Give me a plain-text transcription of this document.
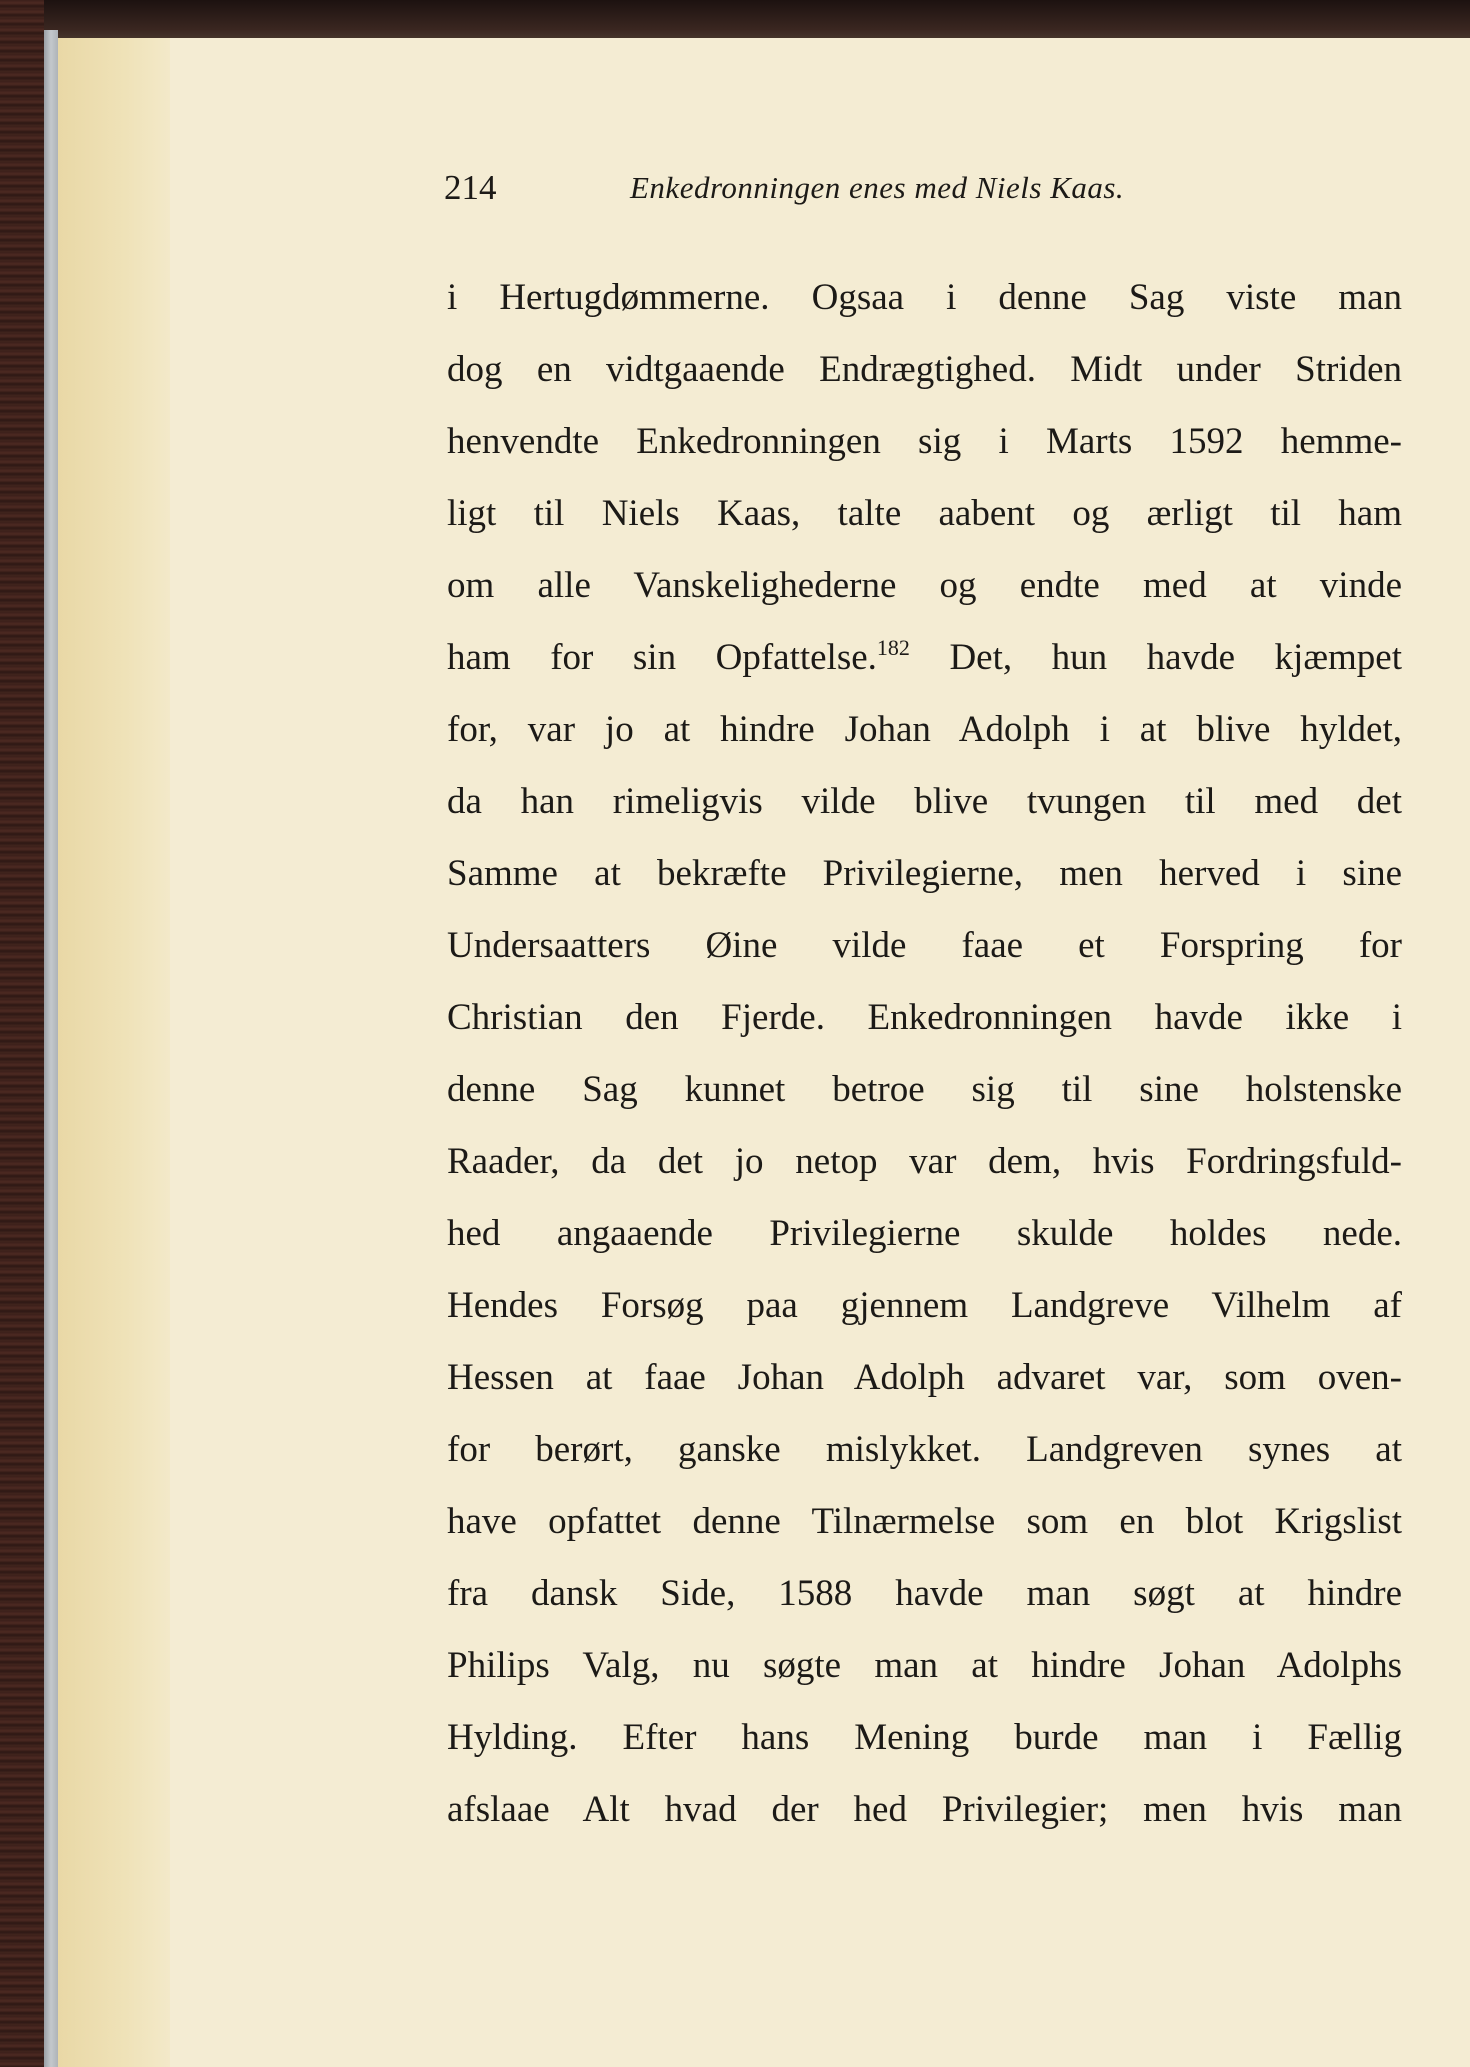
214	Enkedronningen enes med Niels Kaas.
i Hertugdømmerne. Ogsaa i denne Sag viste man
dog en vidtgaaende Endrægtighed. Midt under Striden
henvendte Enkedronningen sig i Marts 1592 hemme-
ligt til Niels Kaas, talte aabent og ærligt til ham
om alle Vanskelighederne og endte med at vinde
ham for sin Opfattelse.$^{182}$ Det, hun havde kjæmpet
for, var jo at hindre Johan Adolph i at blive hyldet,
da han rimeligvis vilde blive tvungen til med det
Samme at bekræfte Privilegierne, men herved i sine
Undersaatters Øine vilde faae et Forspring for
Christian den Fjerde. Enkedronningen havde ikke i
denne Sag kunnet betroe sig til sine holstenske
Raader, da det jo netop var dem, hvis Fordringsfuld-
hed angaaende Privilegierne skulde holdes nede.
Hendes Forsøg paa gjennem Landgreve Vilhelm af
Hessen at faae Johan Adolph advaret var, som oven-
for berørt, ganske mislykket. Landgreven synes at
have opfattet denne Tilnærmelse som en blot Krigslist
fra dansk Side, 1588 havde man søgt at hindre
Philips Valg, nu søgte man at hindre Johan Adolphs
Hylding. Efter hans Mening burde man i Fællig
afslaae Alt hvad der hed Privilegier; men hvis man
